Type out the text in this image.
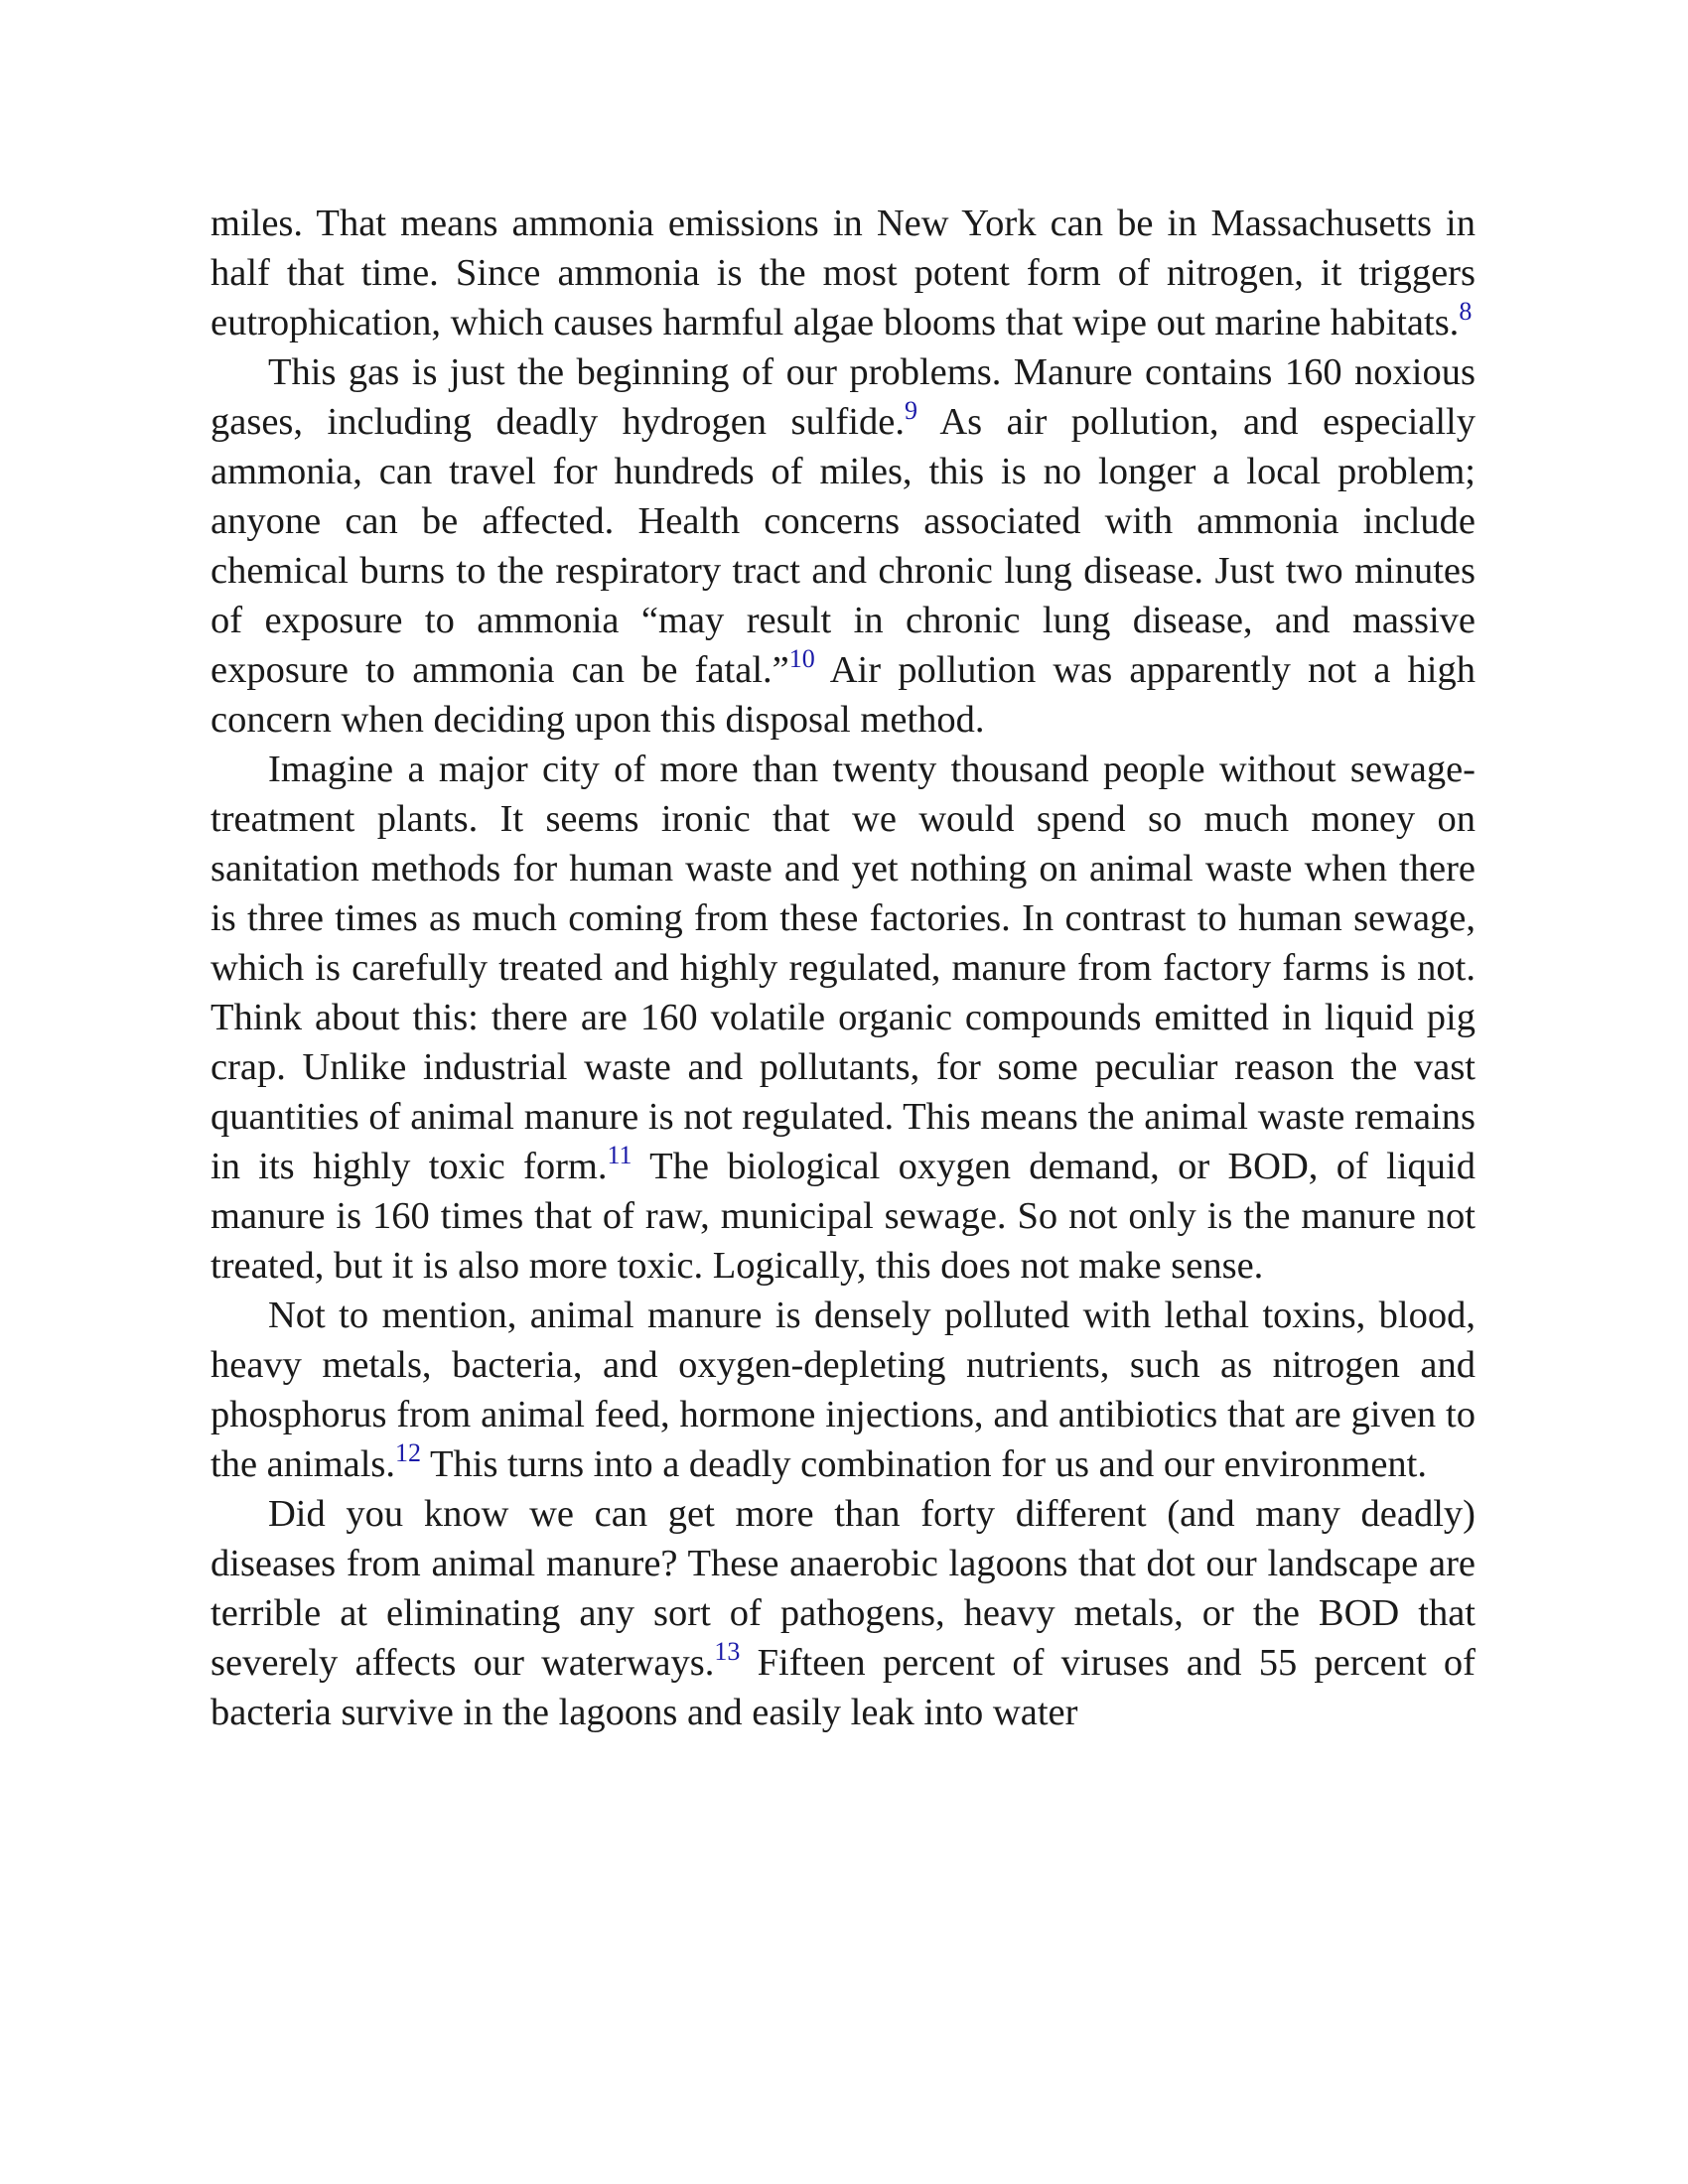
miles. That means ammonia emissions in New York can be in Massachusetts in half that time. Since ammonia is the most potent form of nitrogen, it triggers eutrophication, which causes harmful algae blooms that wipe out marine habitats.$^8$

This gas is just the beginning of our problems. Manure contains 160 noxious gases, including deadly hydrogen sulfide.$^9$ As air pollution, and especially ammonia, can travel for hundreds of miles, this is no longer a local problem; anyone can be affected. Health concerns associated with ammonia include chemical burns to the respiratory tract and chronic lung disease. Just two minutes of exposure to ammonia “may result in chronic lung disease, and massive exposure to ammonia can be fatal.”$^{10}$ Air pollution was apparently not a high concern when deciding upon this disposal method.

Imagine a major city of more than twenty thousand people without sewage-treatment plants. It seems ironic that we would spend so much money on sanitation methods for human waste and yet nothing on animal waste when there is three times as much coming from these factories. In contrast to human sewage, which is carefully treated and highly regulated, manure from factory farms is not. Think about this: there are 160 volatile organic compounds emitted in liquid pig crap. Unlike industrial waste and pollutants, for some peculiar reason the vast quantities of animal manure is not regulated. This means the animal waste remains in its highly toxic form.$^{11}$ The biological oxygen demand, or BOD, of liquid manure is 160 times that of raw, municipal sewage. So not only is the manure not treated, but it is also more toxic. Logically, this does not make sense.

Not to mention, animal manure is densely polluted with lethal toxins, blood, heavy metals, bacteria, and oxygen-depleting nutrients, such as nitrogen and phosphorus from animal feed, hormone injections, and antibiotics that are given to the animals.$^{12}$ This turns into a deadly combination for us and our environment.

Did you know we can get more than forty different (and many deadly) diseases from animal manure? These anaerobic lagoons that dot our landscape are terrible at eliminating any sort of pathogens, heavy metals, or the BOD that severely affects our waterways.$^{13}$ Fifteen percent of viruses and 55 percent of bacteria survive in the lagoons and easily leak into water
